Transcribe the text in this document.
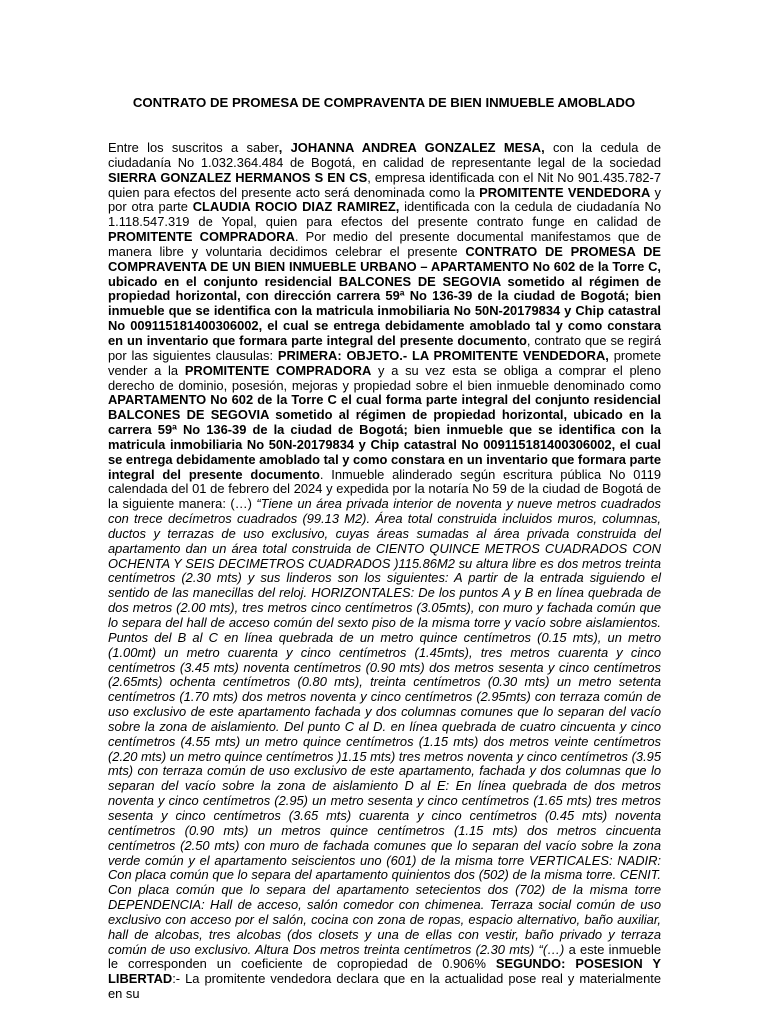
CONTRATO DE PROMESA DE COMPRAVENTA DE BIEN INMUEBLE AMOBLADO

Entre los suscritos a saber, JOHANNA ANDREA GONZALEZ MESA, con la cedula de ciudadanía No 1.032.364.484 de Bogotá, en calidad de representante legal de la sociedad SIERRA GONZALEZ HERMANOS S EN CS, empresa identificada con el Nit No 901.435.782-7 quien para efectos del presente acto será denominada como la PROMITENTE VENDEDORA y por otra parte CLAUDIA ROCIO DIAZ RAMIREZ, identificada con la cedula de ciudadanía No 1.118.547.319 de Yopal, quien para efectos del presente contrato funge en calidad de PROMITENTE COMPRADORA. Por medio del presente documental manifestamos que de manera libre y voluntaria decidimos celebrar el presente CONTRATO DE PROMESA DE COMPRAVENTA DE UN BIEN INMUEBLE URBANO – APARTAMENTO No 602 de la Torre C, ubicado en el conjunto residencial BALCONES DE SEGOVIA sometido al régimen de propiedad horizontal, con dirección carrera 59ª No 136-39 de la ciudad de Bogotá; bien inmueble que se identifica con la matricula inmobiliaria No 50N-20179834 y Chip catastral No 009115181400306002, el cual se entrega debidamente amoblado tal y como constara en un inventario que formara parte integral del presente documento, contrato que se regirá por las siguientes clausulas: PRIMERA: OBJETO.- LA PROMITENTE VENDEDORA, promete vender a la PROMITENTE COMPRADORA y a su vez esta se obliga a comprar el pleno derecho de dominio, posesión, mejoras y propiedad sobre el bien inmueble denominado como APARTAMENTO No 602 de la Torre C el cual forma parte integral del conjunto residencial BALCONES DE SEGOVIA sometido al régimen de propiedad horizontal, ubicado en la carrera 59ª No 136-39 de la ciudad de Bogotá; bien inmueble que se identifica con la matricula inmobiliaria No 50N-20179834 y Chip catastral No 009115181400306002, el cual se entrega debidamente amoblado tal y como constara en un inventario que formara parte integral del presente documento. Inmueble alinderado según escritura pública No 0119 calendada del 01 de febrero del 2024 y expedida por la notaría No 59 de la ciudad de Bogotá de la siguiente manera: (…) “Tiene un área privada interior de noventa y nueve metros cuadrados con trece decímetros cuadrados (99.13 M2). Área total construida incluidos muros, columnas, ductos y terrazas de uso exclusivo, cuyas áreas sumadas al área privada construida del apartamento dan un área total construida de CIENTO QUINCE METROS CUADRADOS CON OCHENTA Y SEIS DECIMETROS CUADRADOS )115.86M2 su altura libre es dos metros treinta centímetros (2.30 mts) y sus linderos son los siguientes: A partir de la entrada siguiendo el sentido de las manecillas del reloj. HORIZONTALES: De los puntos A y B en línea quebrada de dos metros (2.00 mts), tres metros cinco centímetros (3.05mts), con muro y fachada común que lo separa del hall de acceso común del sexto piso de la misma torre y vacío sobre aislamientos. Puntos del B al C en línea quebrada de un metro quince centímetros (0.15 mts), un metro (1.00mt) un metro cuarenta y cinco centímetros (1.45mts), tres metros cuarenta y cinco centímetros (3.45 mts) noventa centímetros (0.90 mts) dos metros sesenta y cinco centímetros (2.65mts) ochenta centímetros (0.80 mts), treinta centímetros (0.30 mts) un metro setenta centímetros (1.70 mts) dos metros noventa y cinco centímetros (2.95mts) con terraza común de uso exclusivo de este apartamento fachada y dos columnas comunes que lo separan del vacío sobre la zona de aislamiento. Del punto C al D. en línea quebrada de cuatro cincuenta y cinco centímetros (4.55 mts) un metro quince centímetros (1.15 mts) dos metros veinte centímetros (2.20 mts) un metro quince centímetros )1.15 mts) tres metros noventa y cinco centímetros (3.95 mts) con terraza común de uso exclusivo de este apartamento, fachada y dos columnas que lo separan del vacío sobre la zona de aislamiento D al E: En línea quebrada de dos metros noventa y cinco centímetros (2.95) un metro sesenta y cinco centímetros (1.65 mts) tres metros sesenta y cinco centímetros (3.65 mts) cuarenta y cinco centímetros (0.45 mts) noventa centímetros (0.90 mts) un metros quince centímetros (1.15 mts) dos metros cincuenta centímetros (2.50 mts) con muro de fachada comunes que lo separan del vacío sobre la zona verde común y el apartamento seiscientos uno (601) de la misma torre VERTICALES: NADIR: Con placa común que lo separa del apartamento quinientos dos (502) de la misma torre. CENIT. Con placa común que lo separa del apartamento setecientos dos (702) de la misma torre DEPENDENCIA: Hall de acceso, salón comedor con chimenea. Terraza social común de uso exclusivo con acceso por el salón, cocina con zona de ropas, espacio alternativo, baño auxiliar, hall de alcobas, tres alcobas (dos closets y una de ellas con vestir, baño privado y terraza común de uso exclusivo. Altura Dos metros treinta centímetros (2.30 mts) “(…) a este inmueble le corresponden un coeficiente de copropiedad de 0.906% SEGUNDO: POSESION Y LIBERTAD:- La promitente vendedora declara que en la actualidad pose real y materialmente en su
